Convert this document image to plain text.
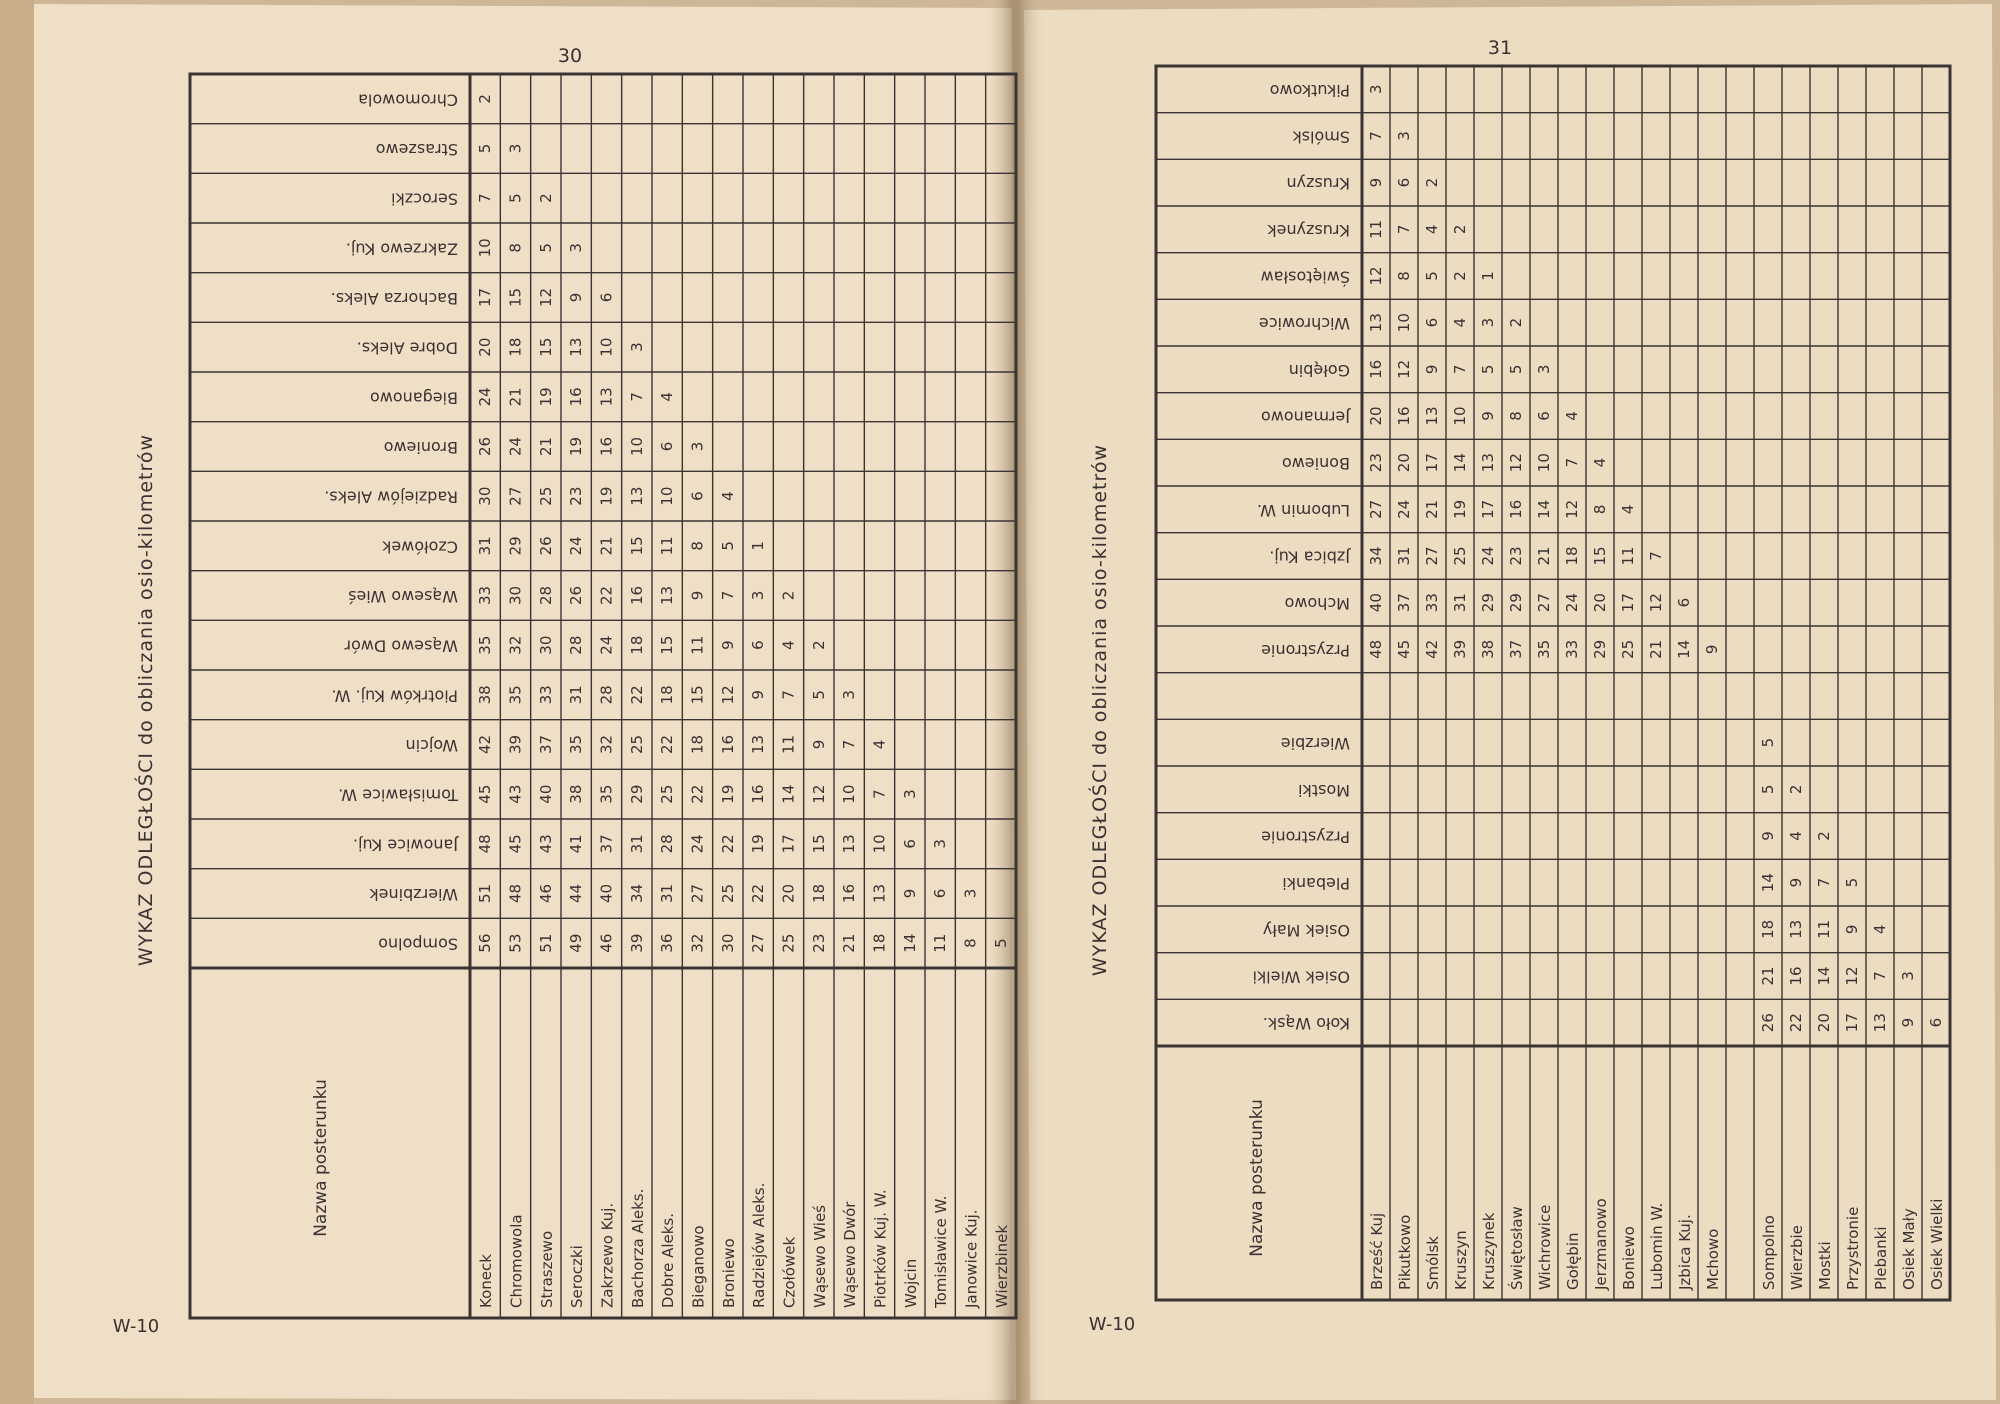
30
W-10
WYKAZ ODLEGŁOŚCI do obliczania osio-kilometrów
Nazwa posterunku
Chromowola
Straszewo
Seroczki
Zakrzewo Kuj.
Bachorza Aleks.
Dobre Aleks.
Bieganowo
Broniewo
Radziejów Aleks.
Czołówek
Wąsewo Wieś
Wąsewo Dwór
Piotrków Kuj. W.
Wojcin
Tomisławice W.
Janowice Kuj.
Wierzbinek
Sompolno
Koneck Chromowola Straszewo Seroczki Zakrzewo Kuj. Bachorza Aleks. Dobre Aleks. Bieganowo Broniewo Radziejów Aleks. Czołówek Wąsewo Wieś Wąsewo Dwór Piotrków Kuj. W. Wojcin Tomisławice W. Janowice Kuj. Wierzbinek
2
5
7
10
17
20
24
26
30
31
33
35
38
42
45
48
51
56
3
5
8
15
18
21
24
27
29
30
32
35
39
43
45
48
53
2
5
12
15
19
21
25
26
28
30
33
37
40
43
46
51
3
9
13
16
19
23
24
26
28
31
35
38
41
44
49
6
10
13
16
19
21
22
24
28
32
35
37
40
46
3
7
10
13
15
16
18
22
25
29
31
34
39
4
6
10
11
13
15
18
22
25
28
31
36
3
6
8
9
11
15
18
22
24
27
32
4
5
7
9
12
16
19
22
25
30
1
3
6
9
13
16
19
22
27
2
4
7
11
14
17
20
25
2
5
9
12
15
18
23
3
7
10
13
16
21
4
7
10
13
18
3
6
9
14
3
6
11
3
8 5
31
W-10
WYKAZ ODLEGŁOŚCI do obliczania osio-kilometrów
Nazwa posterunku
Pikutkowo
Smólsk
Kruszyn
Kruszynek
Świętosław
Wichrowice
Gołębin
Jermanowo
Boniewo
Lubomin W.
Jzbica Kuj.
Mchowo
Przystronie
Wierzbie
Mostki
Przystronie
Plebanki
Osiek Mały
Osiek Wielki
Koło Wąsk.
Brześć Kuj Pikutkowo Smólsk Kruszyn Kruszynek Świętosław Wichrowice Gołębin Jerzmanowo Boniewo Lubomin W. Jzbica Kuj. Mchowo	Sompolno Wierzbie Mostki Przystronie Plebanki Osiek Mały Osiek Wielki
3
7
9
11
12
13
16
20
23
27
34
40
48
3
6
7
8
10
12
16
20
24
31
37
45
2
4
5
6
9
13
17
21
27
33
42
2
2
4
7
10
14
19
25
31
39
1
3
5
9
13
17
24
29
38
2
5
8
12
16
23
29
37
3
6
10
14
21
27
35
4
7
12
18
24
33
4
8
15
20
29
4
11
17
25
7
12
21
6
14 9
5
5
9
14
18
21
26
2
4
9
13
16
22
2
7
11
14
20
5
9
12
17
4
7
13
3
9 6
